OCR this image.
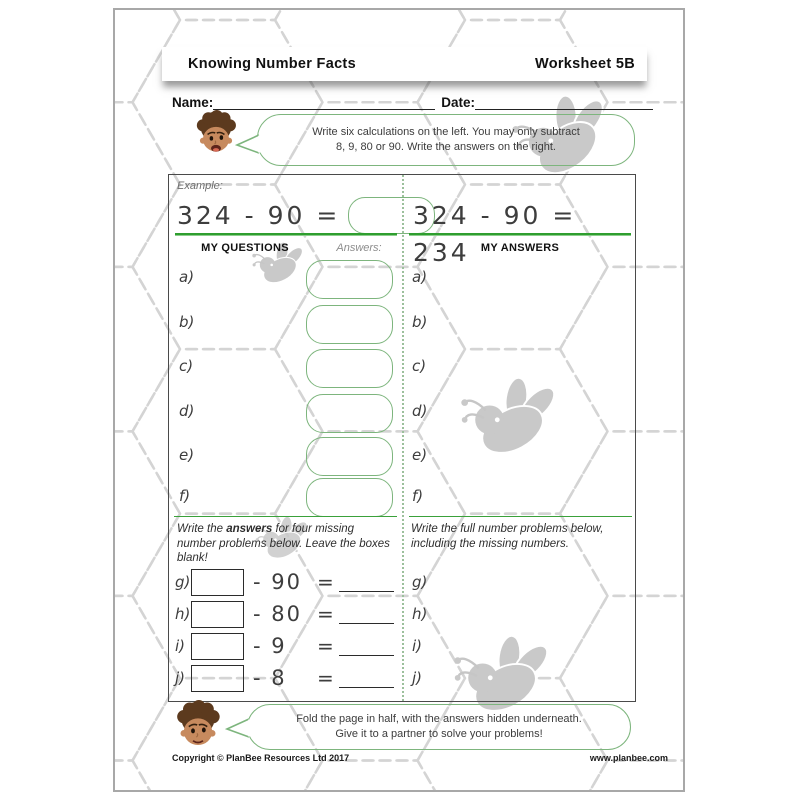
Knowing Number Facts	Worksheet 5B
Name:	Date:
Write six calculations on the left. You may only subtract
8, 9, 80 or 90. Write the answers on the right.
Example:
324 - 90 =	324 - 90 = 234
MY QUESTIONS	Answers:	MY ANSWERS
a)
b)
c)
d)
e)
f)
a)
b)
c)
d)
e)
f)
Write the answers for four missing number problems below. Leave the boxes blank!
Write the full number problems below, including the missing numbers.
g)	- 90 =
h)	- 80 =
i)	- 9	=
j)	- 8	=
g)
h)
i)
j)
Fold the page in half, with the answers hidden underneath.
Give it to a partner to solve your problems!
Copyright © PlanBee Resources Ltd 2017	www.planbee.com
